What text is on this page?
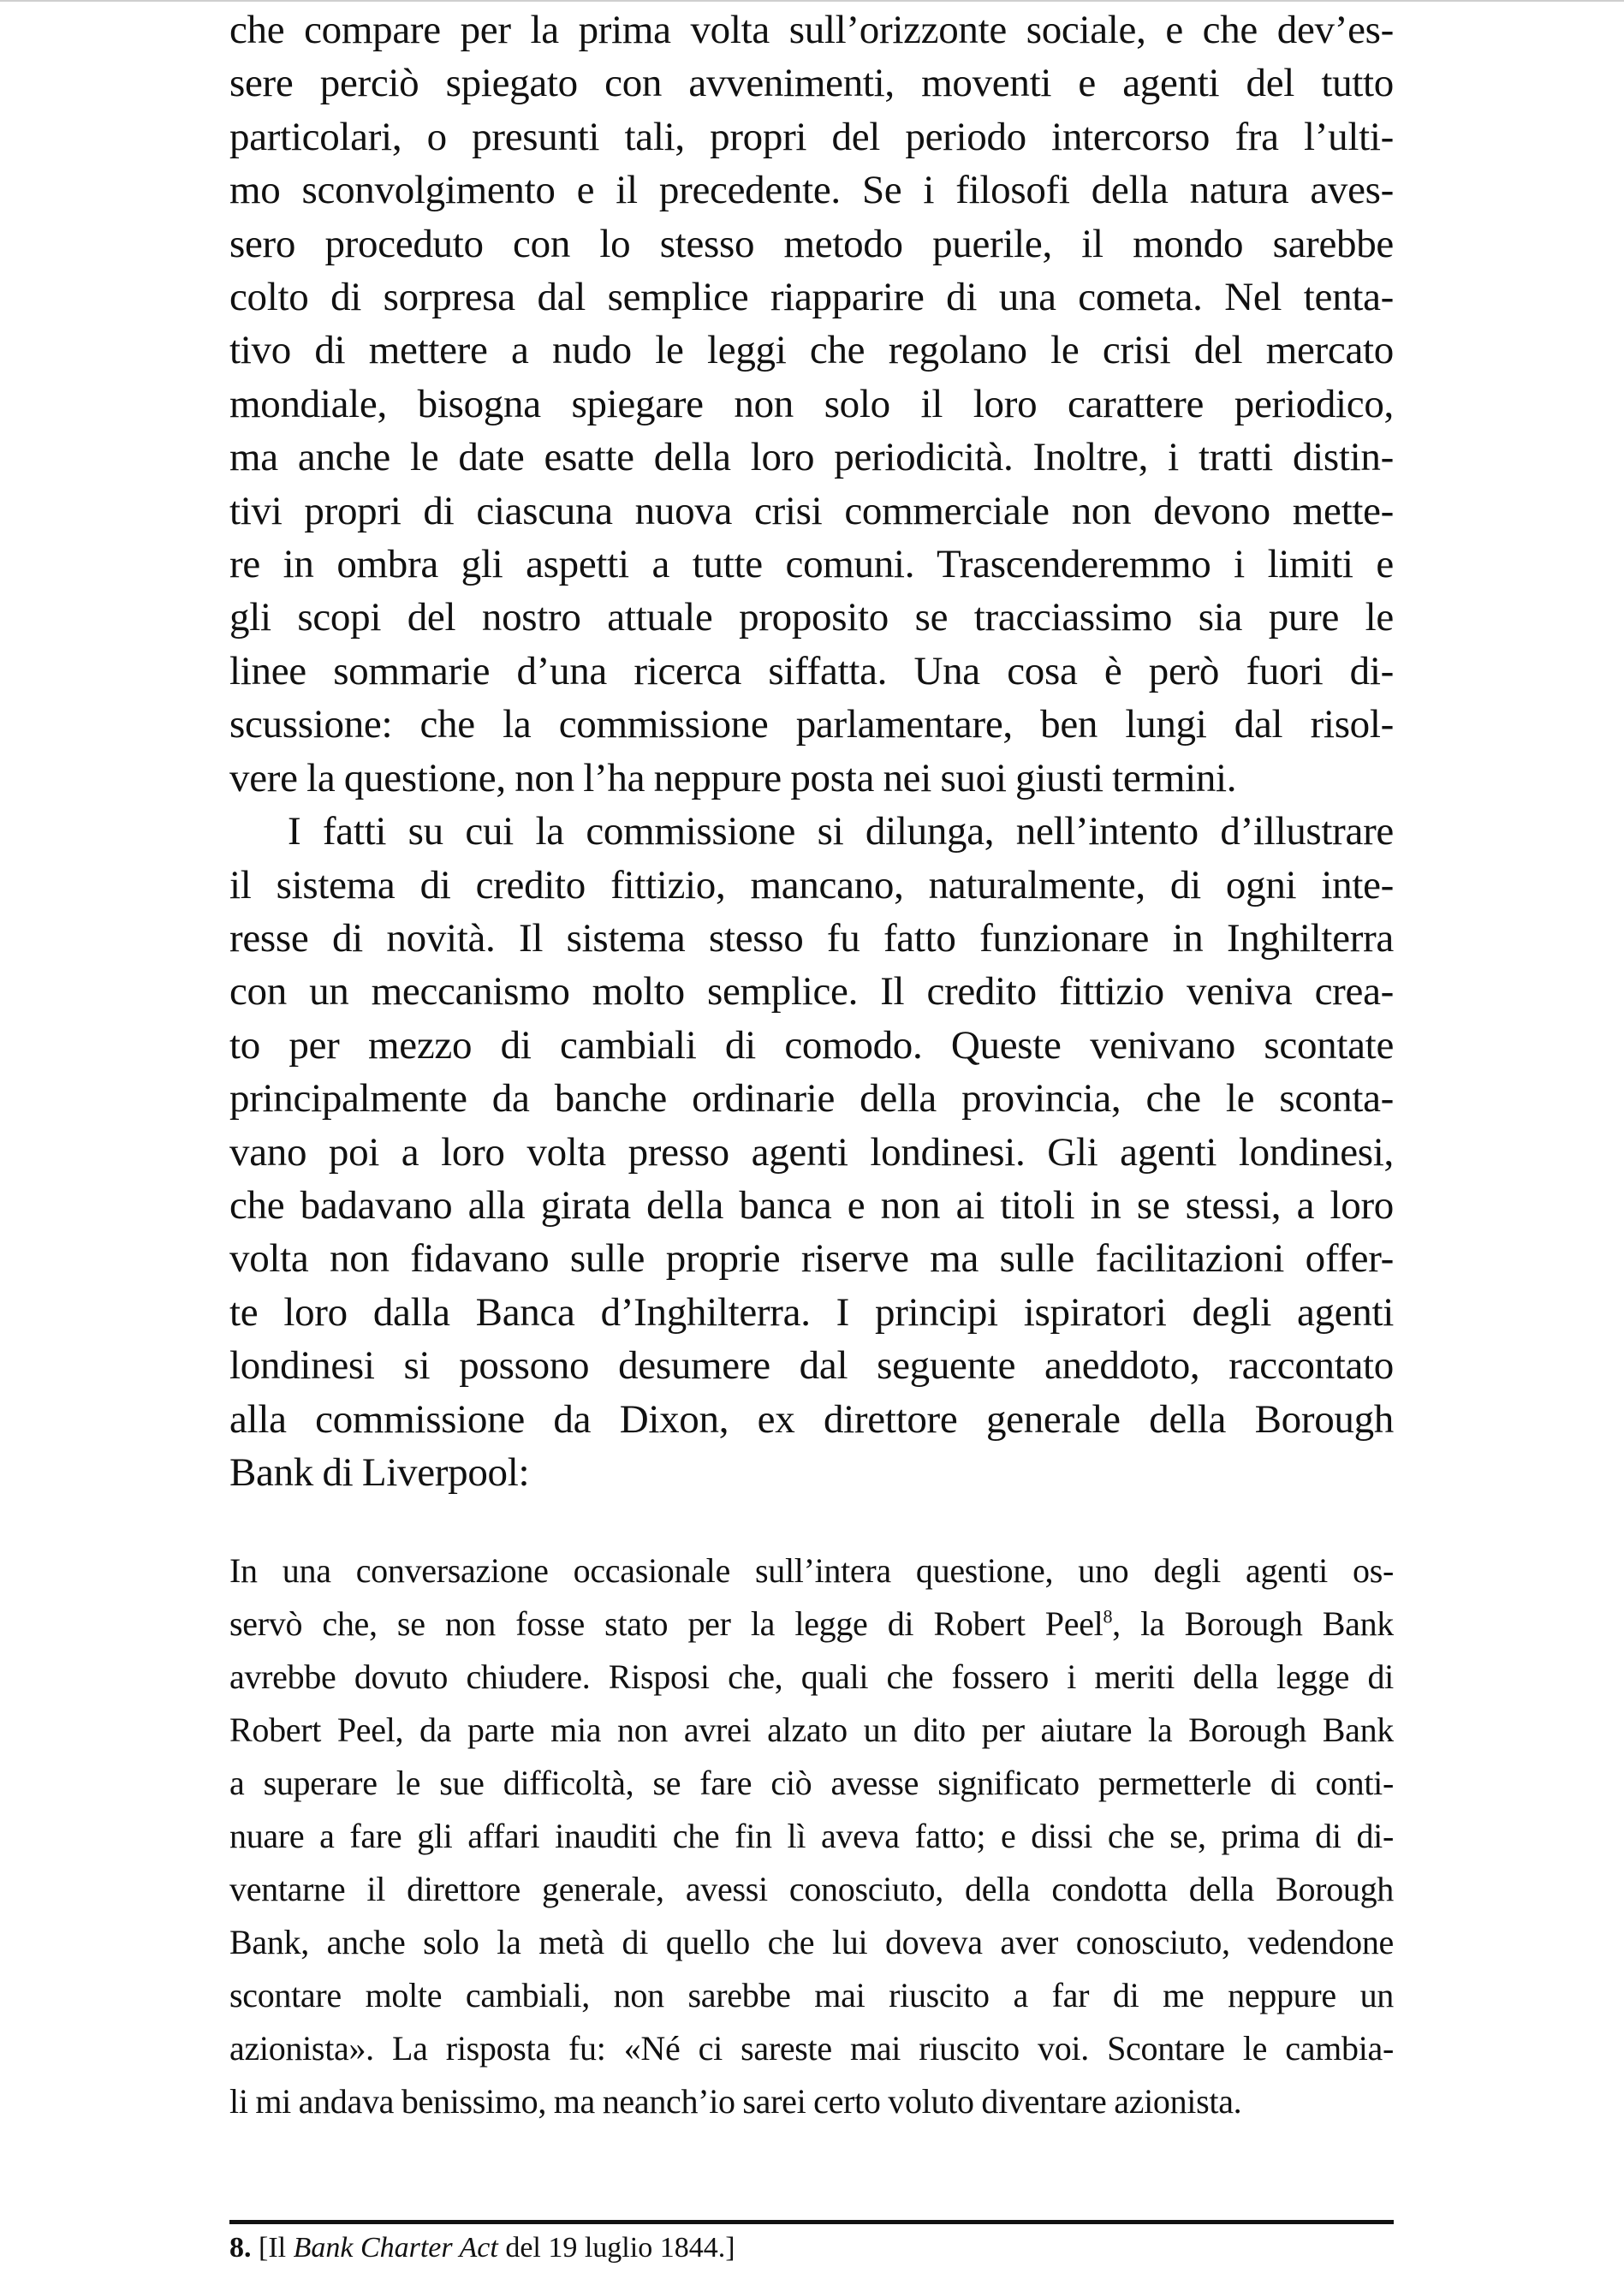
che compare per la prima volta sull’orizzonte sociale, e che dev’es-
sere perciò spiegato con avvenimenti, moventi e agenti del tutto
particolari, o presunti tali, propri del periodo intercorso fra l’ulti-
mo sconvolgimento e il precedente. Se i filosofi della natura aves-
sero proceduto con lo stesso metodo puerile, il mondo sarebbe
colto di sorpresa dal semplice riapparire di una cometa. Nel tenta-
tivo di mettere a nudo le leggi che regolano le crisi del mercato
mondiale, bisogna spiegare non solo il loro carattere periodico,
ma anche le date esatte della loro periodicità. Inoltre, i tratti distin-
tivi propri di ciascuna nuova crisi commerciale non devono mette-
re in ombra gli aspetti a tutte comuni. Trascenderemmo i limiti e
gli scopi del nostro attuale proposito se tracciassimo sia pure le
linee sommarie d’una ricerca siffatta. Una cosa è però fuori di-
scussione: che la commissione parlamentare, ben lungi dal risol-
vere la questione, non l’ha neppure posta nei suoi giusti termini.
I fatti su cui la commissione si dilunga, nell’intento d’illustrare
il sistema di credito fittizio, mancano, naturalmente, di ogni inte-
resse di novità. Il sistema stesso fu fatto funzionare in Inghilterra
con un meccanismo molto semplice. Il credito fittizio veniva crea-
to per mezzo di cambiali di comodo. Queste venivano scontate
principalmente da banche ordinarie della provincia, che le sconta-
vano poi a loro volta presso agenti londinesi. Gli agenti londinesi,
che badavano alla girata della banca e non ai titoli in se stessi, a loro
volta non fidavano sulle proprie riserve ma sulle facilitazioni offer-
te loro dalla Banca d’Inghilterra. I principi ispiratori degli agenti
londinesi si possono desumere dal seguente aneddoto, raccontato
alla commissione da Dixon, ex direttore generale della Borough
Bank di Liverpool:
In una conversazione occasionale sull’intera questione, uno degli agenti os-
servò che, se non fosse stato per la legge di Robert Peel$^8$, la Borough Bank
avrebbe dovuto chiudere. Risposi che, quali che fossero i meriti della legge di
Robert Peel, da parte mia non avrei alzato un dito per aiutare la Borough Bank
a superare le sue difficoltà, se fare ciò avesse significato permetterle di conti-
nuare a fare gli affari inauditi che fin lì aveva fatto; e dissi che se, prima di di-
ventarne il direttore generale, avessi conosciuto, della condotta della Borough
Bank, anche solo la metà di quello che lui doveva aver conosciuto, vedendone
scontare molte cambiali, non sarebbe mai riuscito a far di me neppure un
azionista». La risposta fu: «Né ci sareste mai riuscito voi. Scontare le cambia-
li mi andava benissimo, ma neanch’io sarei certo voluto diventare azionista.
8. [Il Bank Charter Act del 19 luglio 1844.]
